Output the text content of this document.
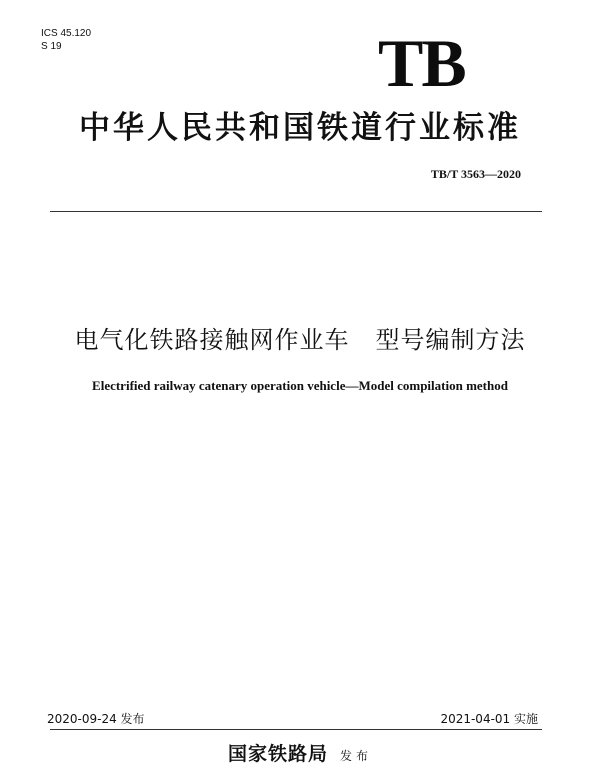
ICS 45.120
S 19	TB
中华人民共和国铁道行业标准
TB/T 3563—2020
电气化铁路接触网作业车 型号编制方法
Electrified railway catenary operation vehicle—Model compilation method
2020-09-24 发布	2021-04-01 实施
国家铁路局 发布
